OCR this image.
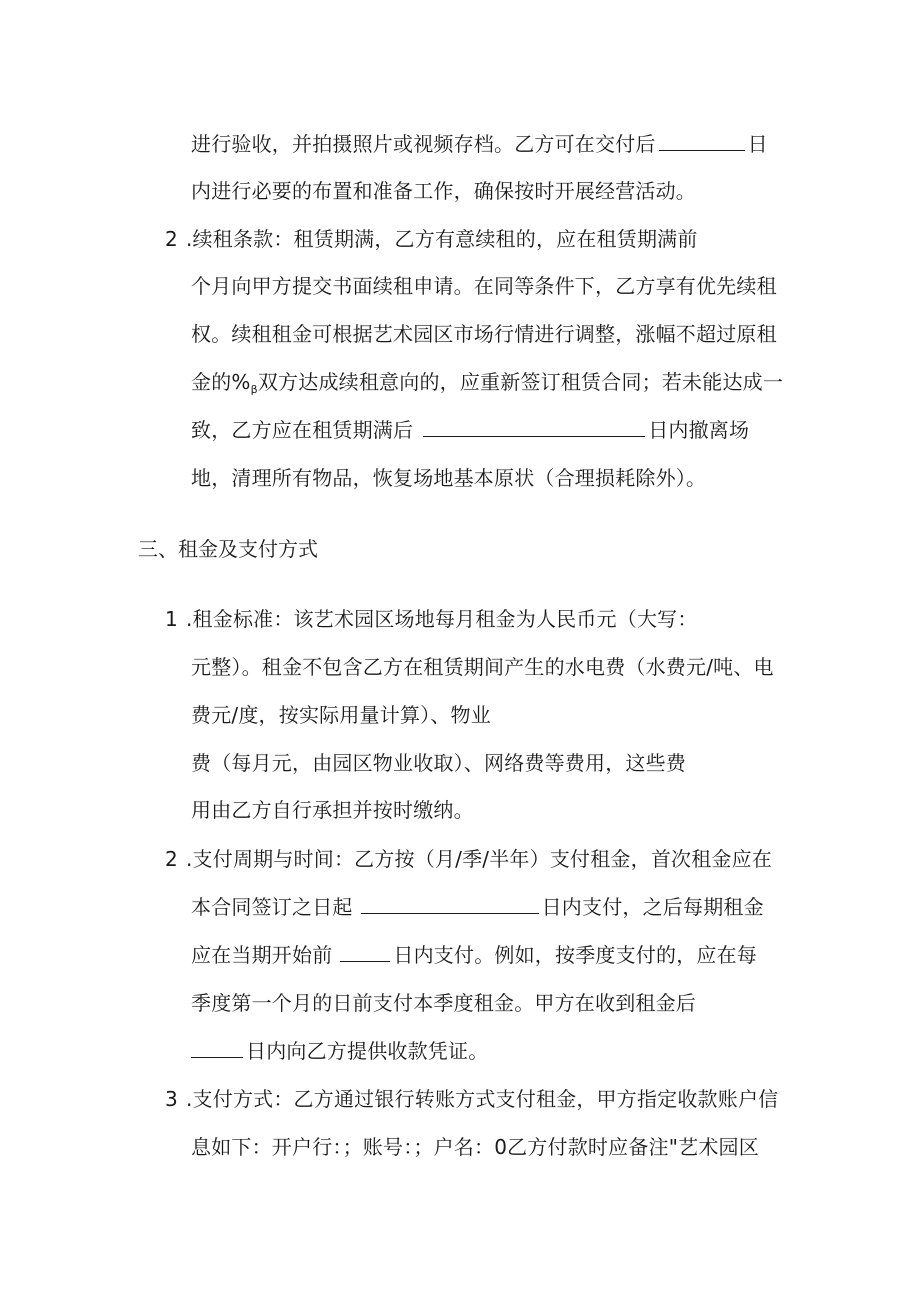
进行验收，并拍摄照片或视频存档。乙方可在交付后	日
内进行必要的布置和准备工作，确保按时开展经营活动。
2 .续租条款：租赁期满，乙方有意续租的，应在租赁期满前
个月向甲方提交书面续租申请。在同等条件下，乙方享有优先续租
权。续租租金可根据艺术园区市场行情进行调整，涨幅不超过原租
金的$\%_\beta$双方达成续租意向的，应重新签订租赁合同；若未能达成一
致，乙方应在租赁期满后	日内撤离场
地，清理所有物品，恢复场地基本原状（合理损耗除外）。
三、租金及支付方式
1 .租金标准：该艺术园区场地每月租金为人民币元（大写：
元整）。租金不包含乙方在租赁期间产生的水电费（水费元/吨、电
费元/度，按实际用量计算）、物业
费（每月元，由园区物业收取）、网络费等费用，这些费
用由乙方自行承担并按时缴纳。
2 .支付周期与时间：乙方按（月/季/半年）支付租金，首次租金应在
本合同签订之日起	日内支付，之后每期租金
应在当期开始前	日内支付。例如，按季度支付的，应在每
季度第一个月的日前支付本季度租金。甲方在收到租金后
日内向乙方提供收款凭证。
3 .支付方式：乙方通过银行转账方式支付租金，甲方指定收款账户信
息如下：开户行：；账号：；户名：0乙方付款时应备注"艺术园区
